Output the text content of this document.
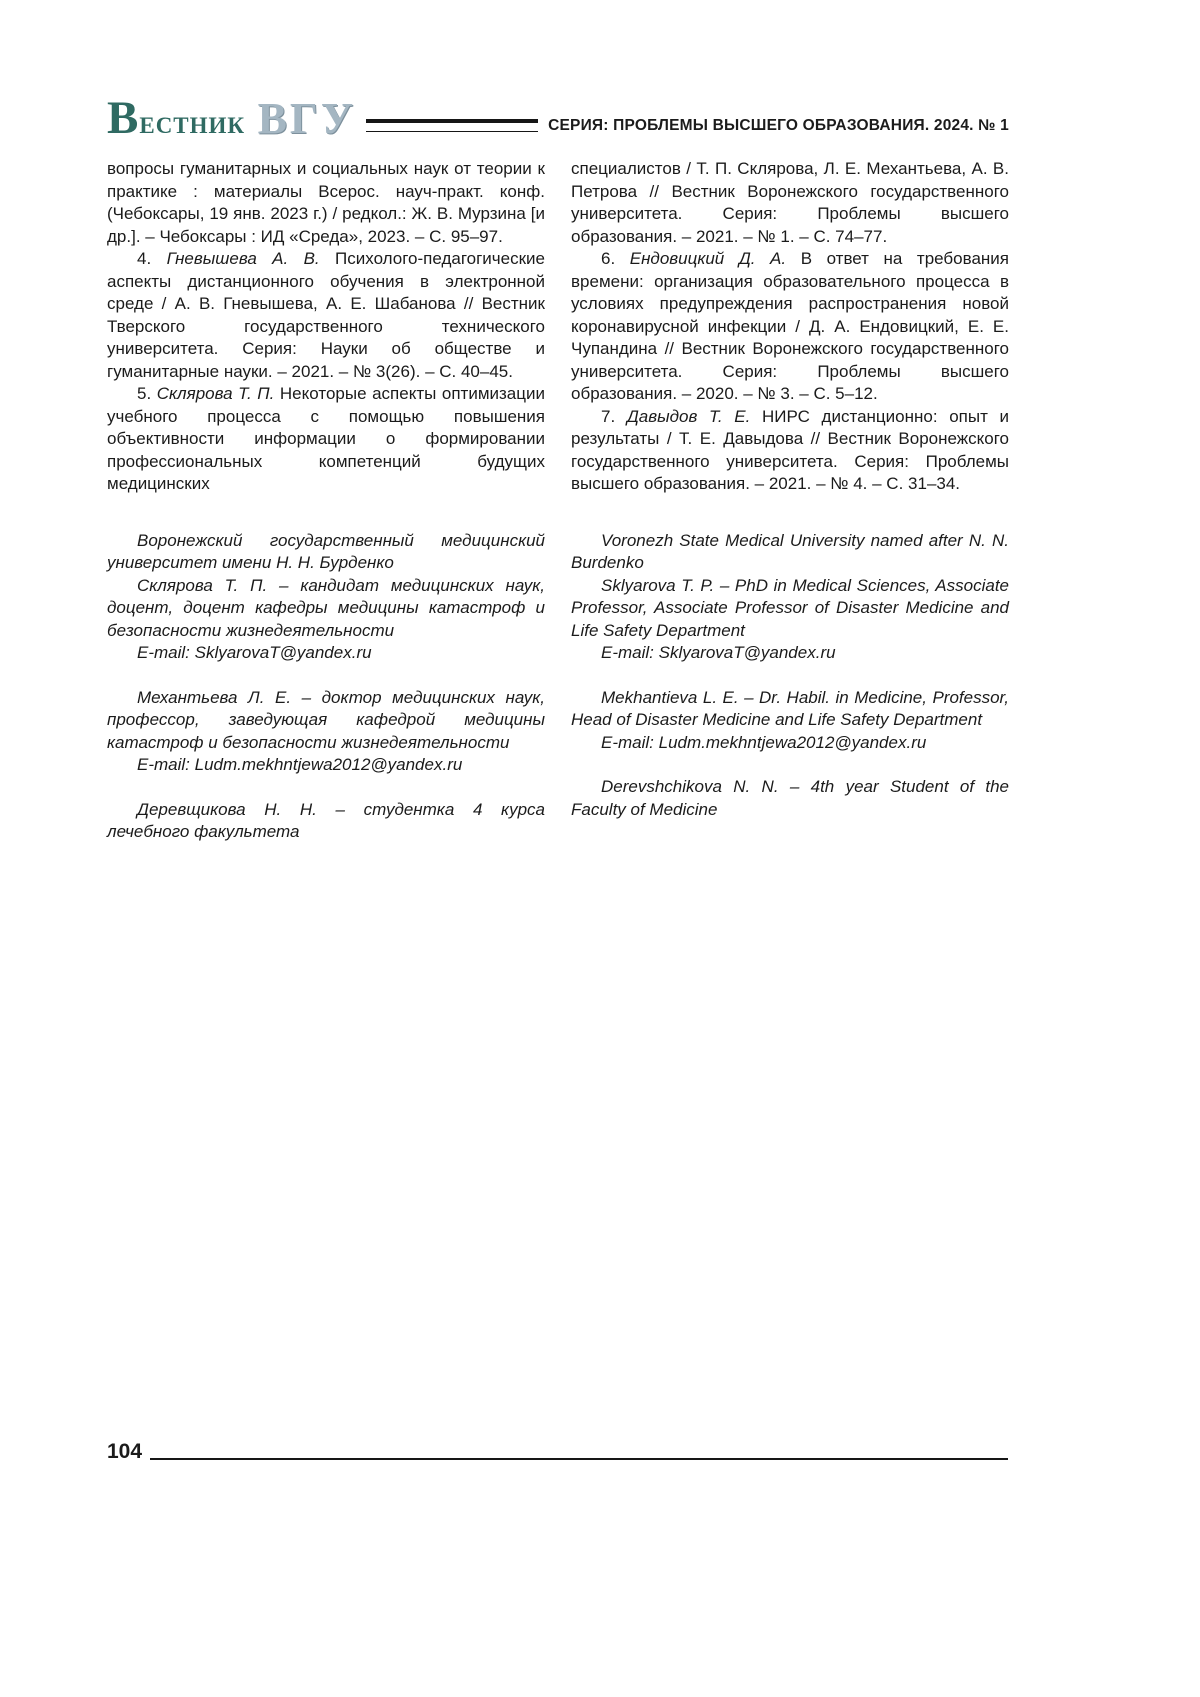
Вестник ВГУ	СЕРИЯ: ПРОБЛЕМЫ ВЫСШЕГО ОБРАЗОВАНИЯ. 2024. № 1

вопросы гуманитарных и социальных наук от теории к практике : материалы Всерос. науч-практ. конф. (Чебоксары, 19 янв. 2023 г.) / редкол.: Ж. В. Мурзина [и др.]. – Чебоксары : ИД «Среда», 2023. – С. 95–97.

4. Гневышева А. В. Психолого-педагогические аспекты дистанционного обучения в электронной среде / А. В. Гневышева, А. Е. Шабанова // Вестник Тверского государственного технического университета. Серия: Науки об обществе и гуманитарные науки. – 2021. – № 3(26). – С. 40–45.

5. Склярова Т. П. Некоторые аспекты оптимизации учебного процесса с помощью повышения объективности информации о формировании профессиональных компетенций будущих медицинских

специалистов / Т. П. Склярова, Л. Е. Механтьева, А. В. Петрова // Вестник Воронежского государственного университета. Серия: Проблемы высшего образования. – 2021. – № 1. – С. 74–77.

6. Ендовицкий Д. А. В ответ на требования времени: организация образовательного процесса в условиях предупреждения распространения новой коронавирусной инфекции / Д. А. Ендовицкий, Е. Е. Чупандина // Вестник Воронежского государственного университета. Серия: Проблемы высшего образования. – 2020. – № 3. – С. 5–12.

7. Давыдов Т. Е. НИРС дистанционно: опыт и результаты / Т. Е. Давыдова // Вестник Воронежского государственного университета. Серия: Проблемы высшего образования. – 2021. – № 4. – С. 31–34.

Воронежский государственный медицинский университет имени Н. Н. Бурденко

Склярова Т. П. – кандидат медицинских наук, доцент, доцент кафедры медицины катастроф и безопасности жизнедеятельности

E-mail: SklyarovaT@yandex.ru

Механтьева Л. Е. – доктор медицинских наук, профессор, заведующая кафедрой медицины катастроф и безопасности жизнедеятельности

E-mail: Ludm.mekhntjewa2012@yandex.ru

Деревщикова Н. Н. – студентка 4 курса лечебного факультета

Voronezh State Medical University named after N. N. Burdenko

Sklyarova T. P. – PhD in Medical Sciences, Associate Professor, Associate Professor of Disaster Medicine and Life Safety Department

E-mail: SklyarovaT@yandex.ru

Mekhantieva L. E. – Dr. Habil. in Medicine, Professor, Head of Disaster Medicine and Life Safety Department

E-mail: Ludm.mekhntjewa2012@yandex.ru

Derevshchikova N. N. – 4th year Student of the Faculty of Medicine

104
